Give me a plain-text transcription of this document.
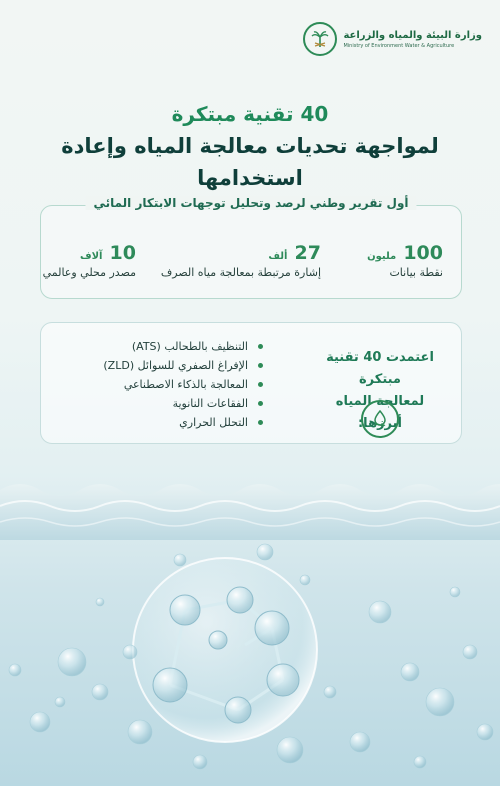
وزارة البيئة والمياه والزراعة
Ministry of Environment Water & Agriculture
40 تقنية مبتكرة
لمواجهة تحديات معالجة المياه وإعادة استخدامها
أول تقرير وطني لرصد وتحليل توجهات الابتكار المائي
100 مليون
نقطة بيانات
27 ألف
إشارة مرتبطة بمعالجة مياه الصرف
10 آلاف
مصدر محلي وعالمي
اعتمدت 40 تقنية مبتكرة
لمعالجة المياه أبرزها:
التنظيف بالطحالب (ATS)
الإفراغ الصفري للسوائل (ZLD)
المعالجة بالذكاء الاصطناعي
الفقاعات النانوية
التحلل الحراري
